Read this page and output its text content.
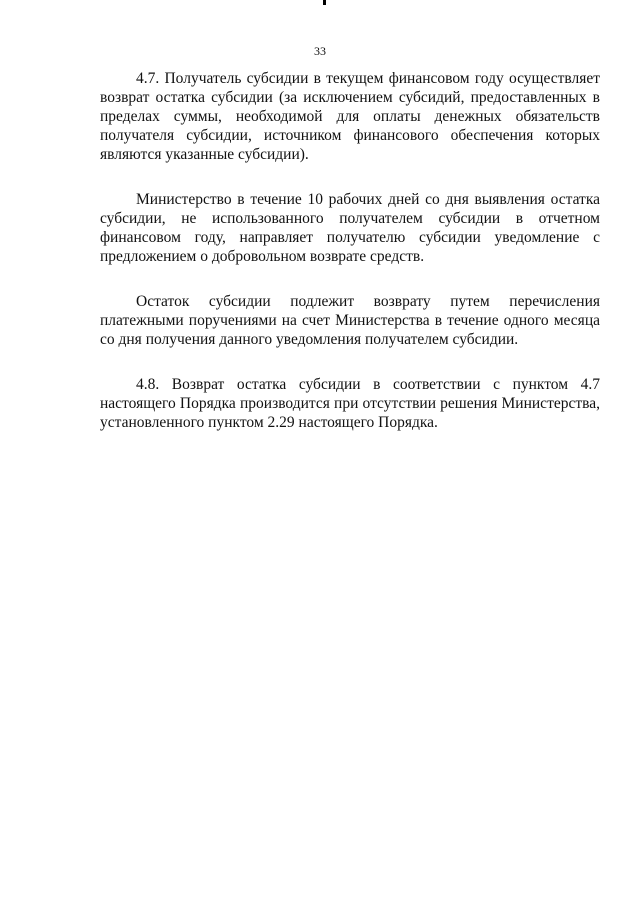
33

4.7. Получатель субсидии в текущем финансовом году осуществляет возврат остатка субсидии (за исключением субсидий, предоставленных в пределах суммы, необходимой для оплаты денежных обязательств получателя субсидии, источником финансового обеспечения которых являются указанные субсидии).

Министерство в течение 10 рабочих дней со дня выявления остатка субсидии, не использованного получателем субсидии в отчетном финансовом году, направляет получателю субсидии уведомление с предложением о добровольном возврате средств.

Остаток субсидии подлежит возврату путем перечисления платежными поручениями на счет Министерства в течение одного месяца со дня получения данного уведомления получателем субсидии.

4.8. Возврат остатка субсидии в соответствии с пунктом 4.7 настоящего Порядка производится при отсутствии решения Министерства, установленного пунктом 2.29 настоящего Порядка.
